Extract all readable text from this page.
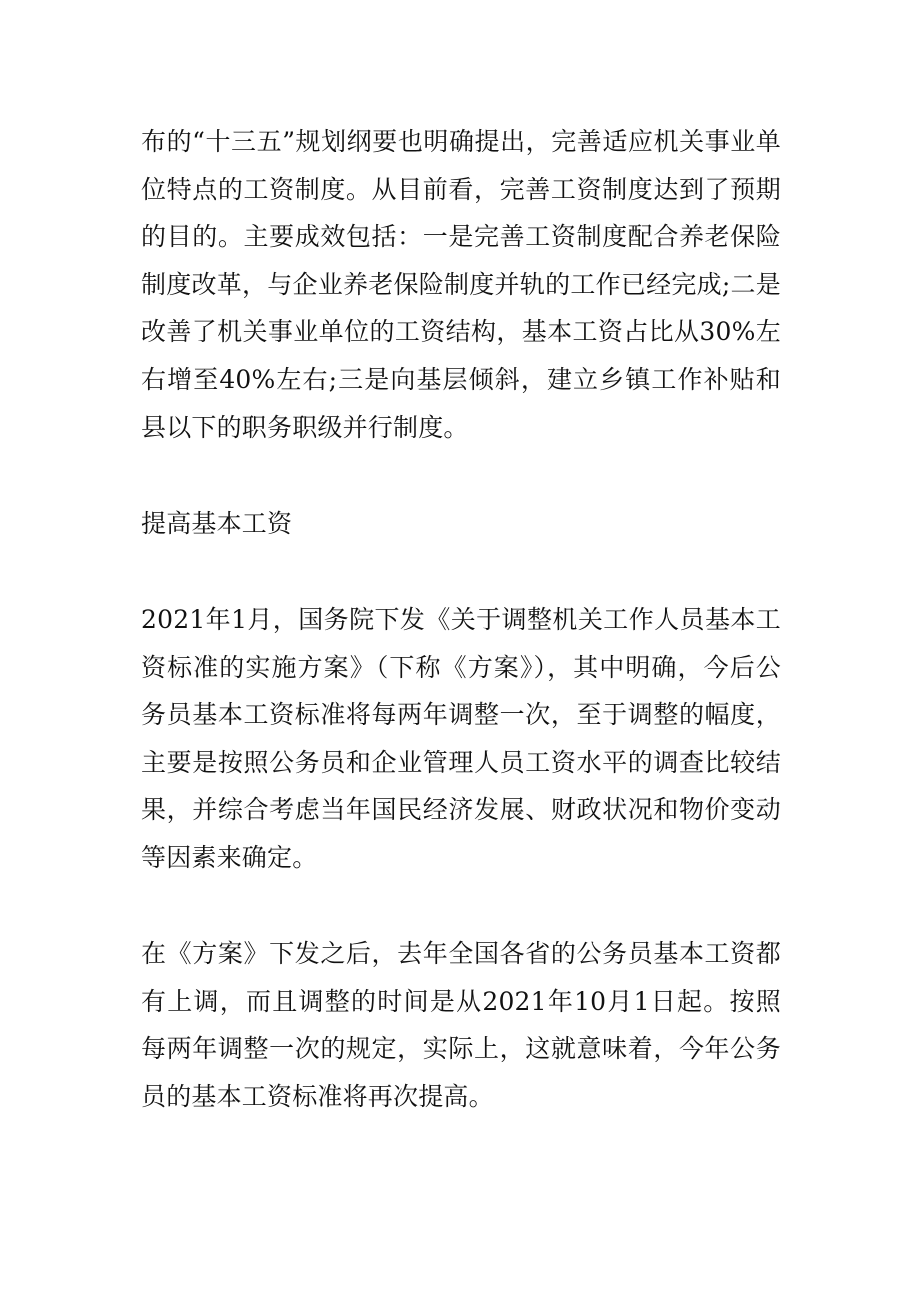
布的“十三五”规划纲要也明确提出，完善适应机关事业单位特点的工资制度。从目前看，完善工资制度达到了预期的目的。主要成效包括：一是完善工资制度配合养老保险制度改革，与企业养老保险制度并轨的工作已经完成;二是改善了机关事业单位的工资结构，基本工资占比从30%左右增至40%左右;三是向基层倾斜，建立乡镇工作补贴和县以下的职务职级并行制度。

提高基本工资

2021年1月，国务院下发《关于调整机关工作人员基本工资标准的实施方案》（下称《方案》），其中明确，今后公务员基本工资标准将每两年调整一次，至于调整的幅度，主要是按照公务员和企业管理人员工资水平的调查比较结果，并综合考虑当年国民经济发展、财政状况和物价变动等因素来确定。

在《方案》下发之后，去年全国各省的公务员基本工资都有上调，而且调整的时间是从2021年10月1日起。按照每两年调整一次的规定，实际上，这就意味着，今年公务员的基本工资标准将再次提高。
